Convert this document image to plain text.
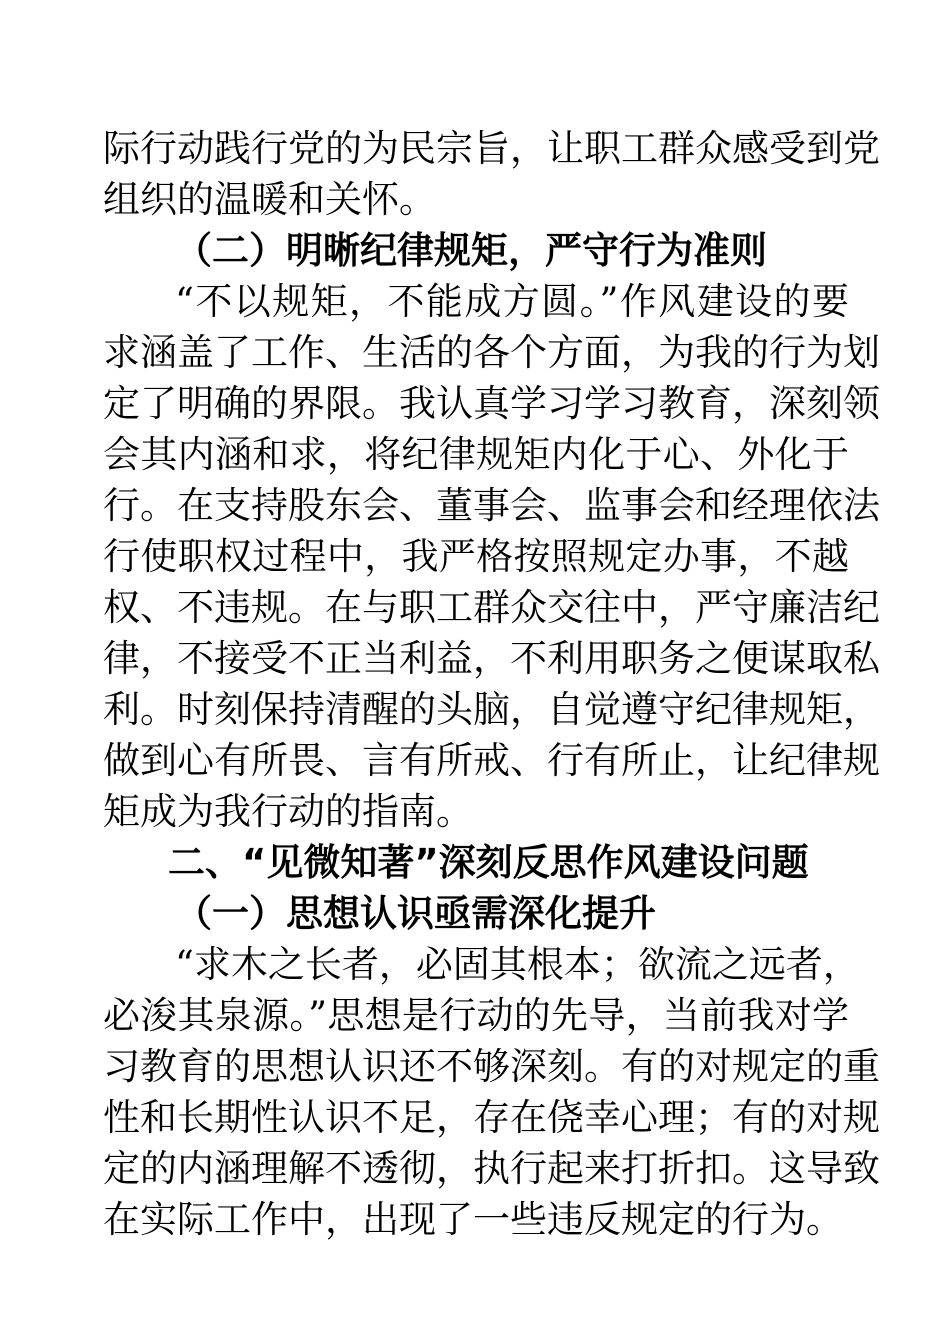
际行动践行党的为民宗旨，让职工群众感受到党
组织的温暖和关怀。
（二）明晰纪律规矩，严守行为准则
“不以规矩，不能成方圆。”作风建设的要
求涵盖了工作、生活的各个方面，为我的行为划
定了明确的界限。我认真学习学习教育，深刻领
会其内涵和求，将纪律规矩内化于心、外化于
行。在支持股东会、董事会、监事会和经理依法
行使职权过程中，我严格按照规定办事，不越
权、不违规。在与职工群众交往中，严守廉洁纪
律，不接受不正当利益，不利用职务之便谋取私
利。时刻保持清醒的头脑，自觉遵守纪律规矩，
做到心有所畏、言有所戒、行有所止，让纪律规
矩成为我行动的指南。
二、“见微知著”深刻反思作风建设问题
（一）思想认识亟需深化提升
“求木之长者，必固其根本；欲流之远者，
必浚其泉源。”思想是行动的先导，当前我对学
习教育的思想认识还不够深刻。有的对规定的重
性和长期性认识不足，存在侥幸心理；有的对规
定的内涵理解不透彻，执行起来打折扣。这导致
在实际工作中，出现了一些违反规定的行为。
